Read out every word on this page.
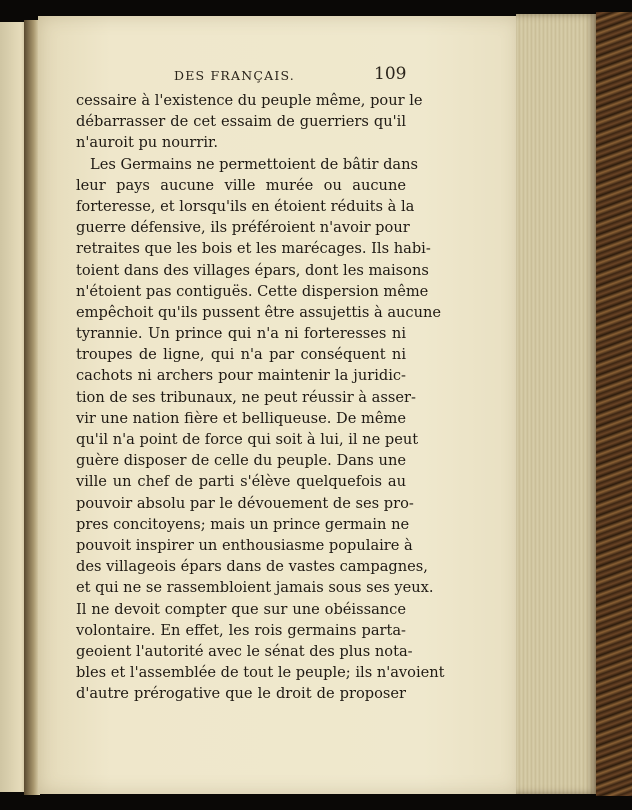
DES FRANÇAIS.	109
cessaire à l'existence du peuple même, pour le
débarrasser de cet essaim de guerriers qu'il
n'auroit pu nourrir.
Les Germains ne permettoient de bâtir dans
leur pays aucune ville murée ou aucune
forteresse, et lorsqu'ils en étoient réduits à la
guerre défensive, ils préféroient n'avoir pour
retraites que les bois et les marécages. Ils habi-
toient dans des villages épars, dont les maisons
n'étoient pas contiguës. Cette dispersion même
empêchoit qu'ils pussent être assujettis à aucune
tyrannie. Un prince qui n'a ni forteresses ni
troupes de ligne, qui n'a par conséquent ni
cachots ni archers pour maintenir la juridic-
tion de ses tribunaux, ne peut réussir à asser-
vir une nation fière et belliqueuse. De même
qu'il n'a point de force qui soit à lui, il ne peut
guère disposer de celle du peuple. Dans une
ville un chef de parti s'élève quelquefois au
pouvoir absolu par le dévouement de ses pro-
pres concitoyens; mais un prince germain ne
pouvoit inspirer un enthousiasme populaire à
des villageois épars dans de vastes campagnes,
et qui ne se rassembloient jamais sous ses yeux.
Il ne devoit compter que sur une obéissance
volontaire. En effet, les rois germains parta-
geoient l'autorité avec le sénat des plus nota-
bles et l'assemblée de tout le peuple; ils n'avoient
d'autre prérogative que le droit de proposer
